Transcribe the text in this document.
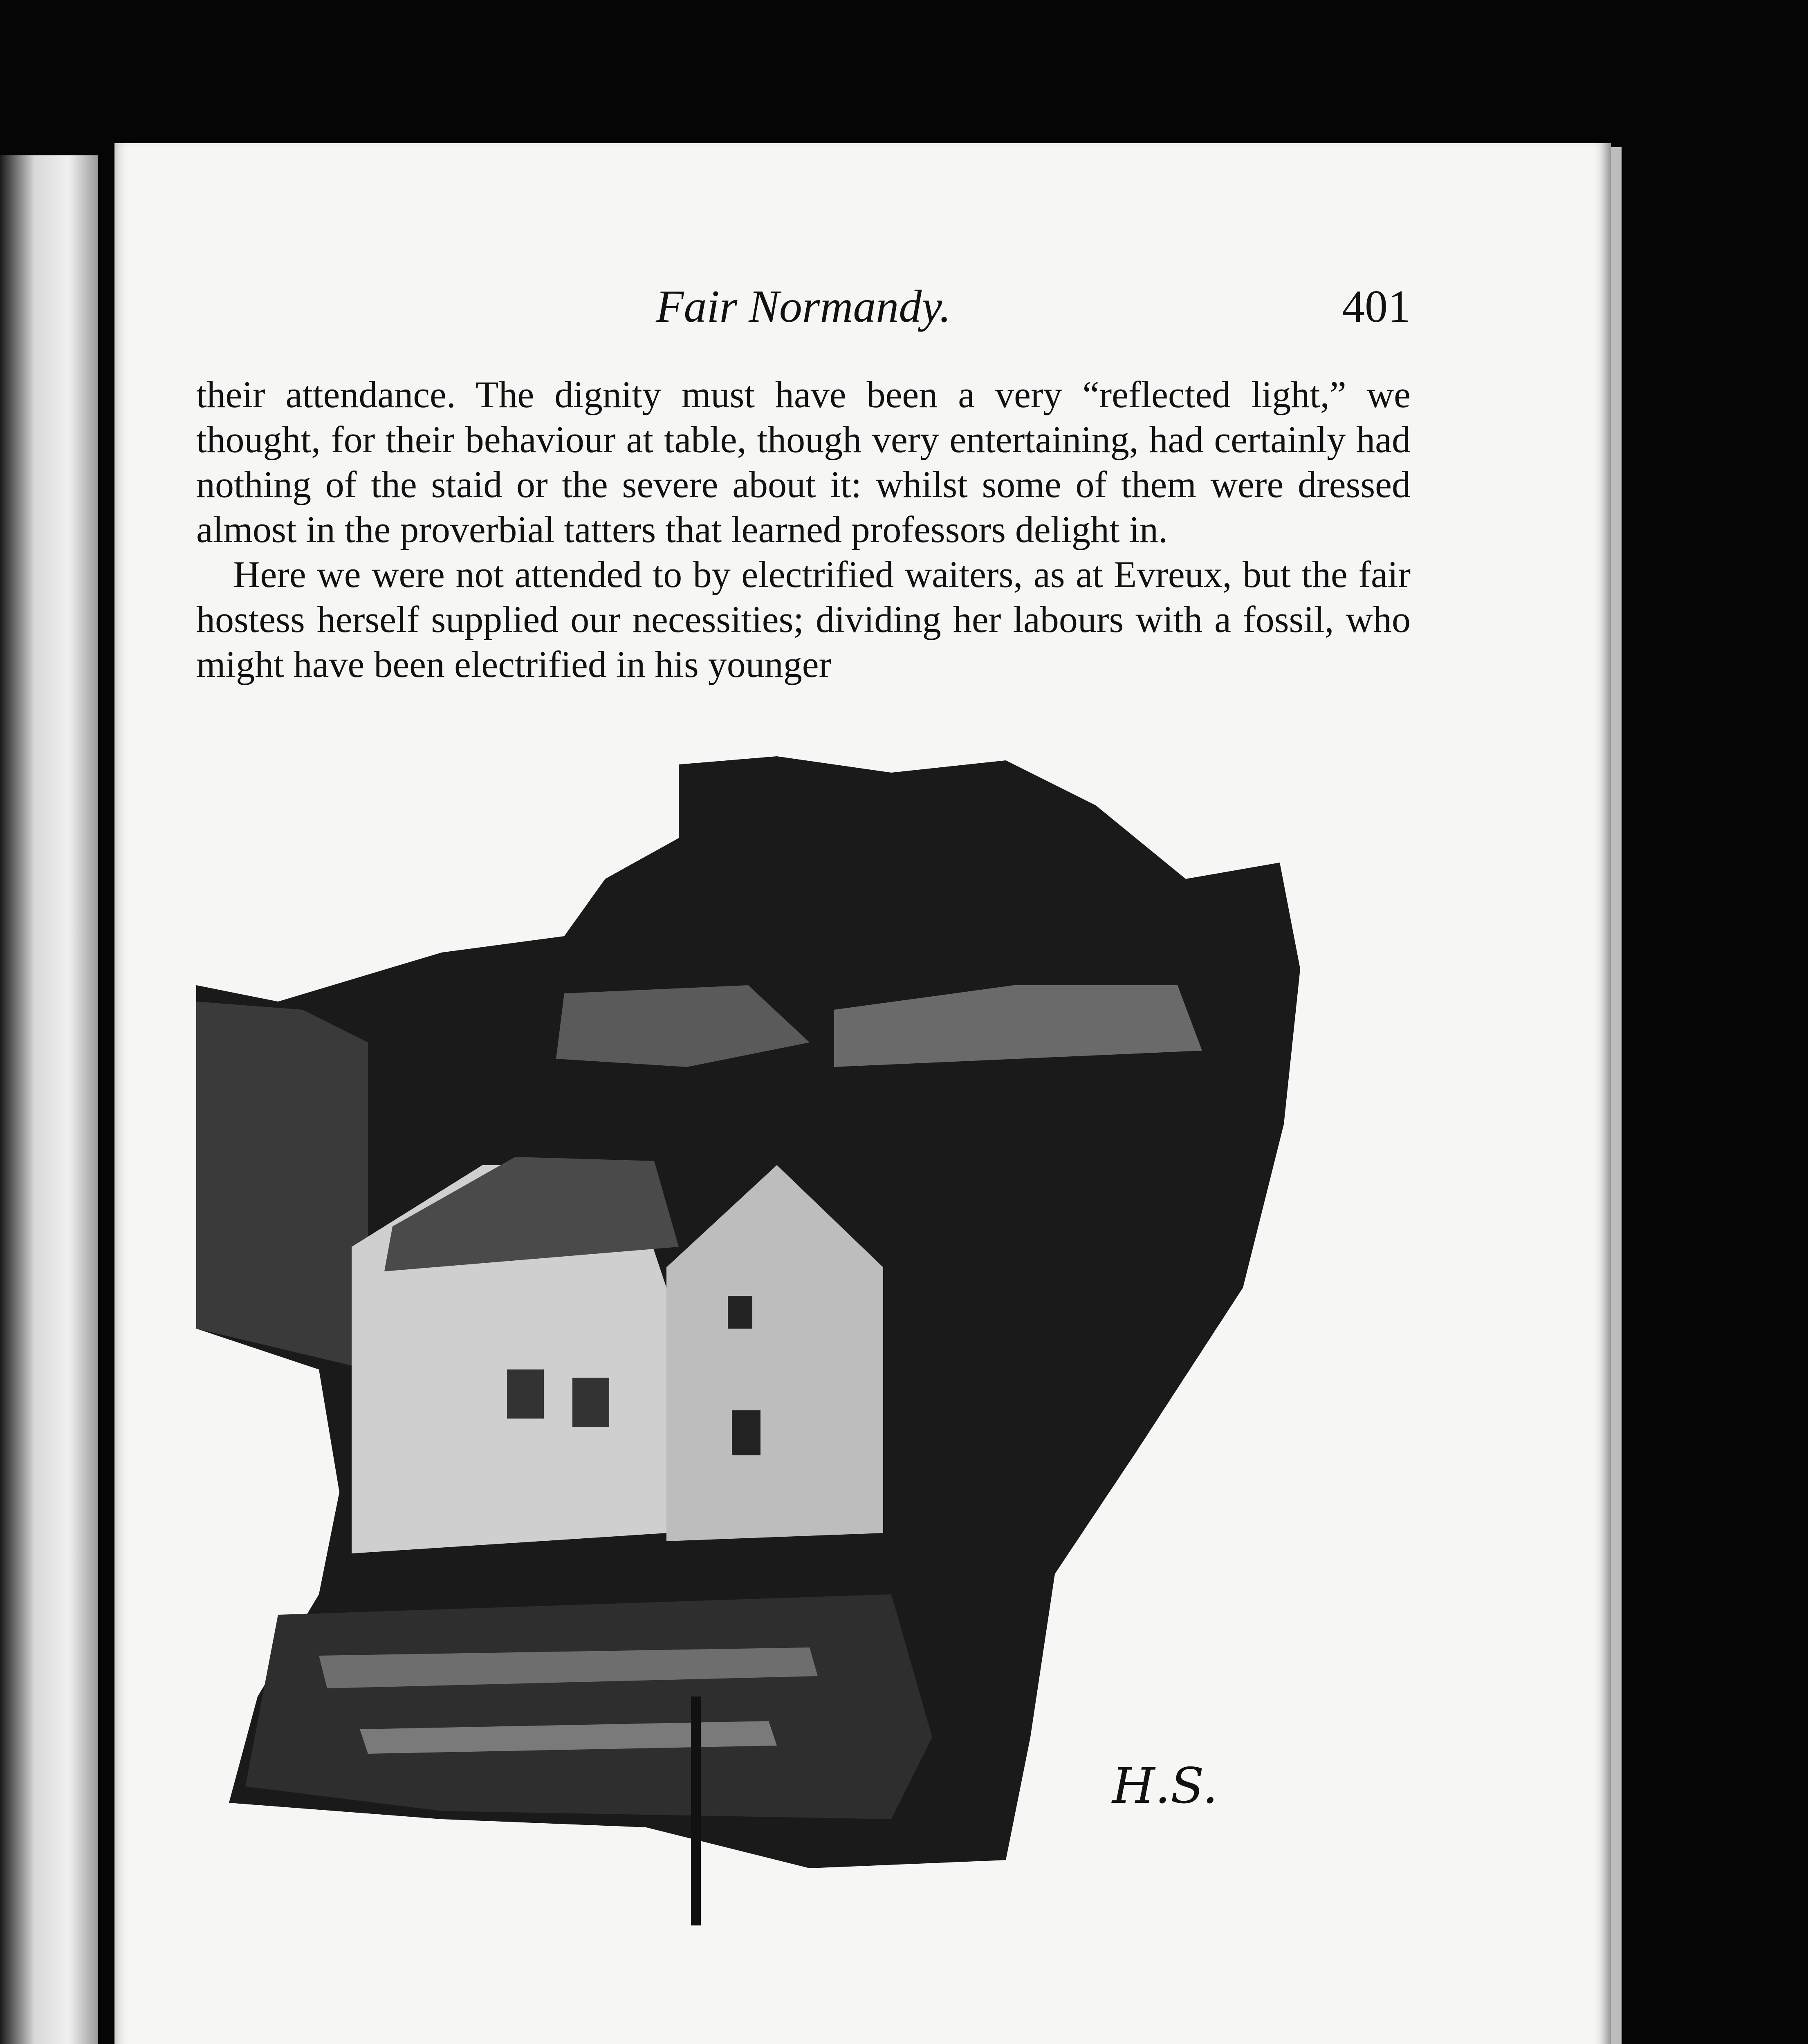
Fair Normandy.	401

their attendance. The dignity must have been a very “reflected light,” we thought, for their behaviour at table, though very entertaining, had certainly had nothing of the staid or the severe about it: whilst some of them were dressed almost in the proverbial tatters that learned professors delight in.

Here we were not attended to by electrified waiters, as at Evreux, but the fair hostess herself supplied our necessities; dividing her labours with a fossil, who might have been electrified in his younger

H.S.
